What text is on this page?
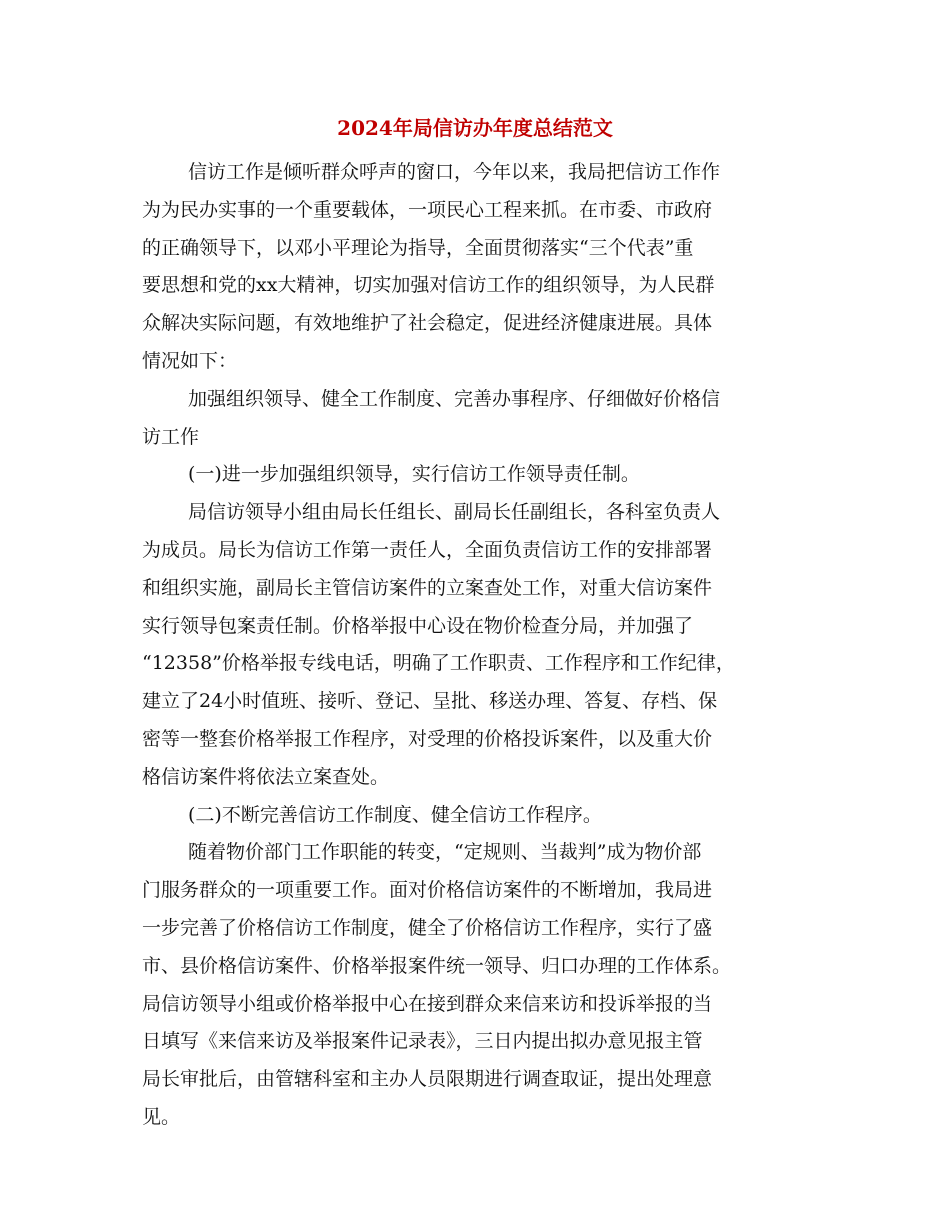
2024年局信访办年度总结范文

信访工作是倾听群众呼声的窗口，今年以来，我局把信访工作作

为为民办实事的一个重要载体，一项民心工程来抓。在市委、市政府

的正确领导下，以邓小平理论为指导，全面贯彻落实“三个代表”重

要思想和党的xx大精神，切实加强对信访工作的组织领导，为人民群

众解决实际问题，有效地维护了社会稳定，促进经济健康进展。具体

情况如下：

加强组织领导、健全工作制度、完善办事程序、仔细做好价格信

访工作

(一)进一步加强组织领导，实行信访工作领导责任制。

局信访领导小组由局长任组长、副局长任副组长，各科室负责人

为成员。局长为信访工作第一责任人，全面负责信访工作的安排部署

和组织实施，副局长主管信访案件的立案查处工作，对重大信访案件

实行领导包案责任制。价格举报中心设在物价检查分局，并加强了

“12358”价格举报专线电话，明确了工作职责、工作程序和工作纪律，

建立了24小时值班、接听、登记、呈批、移送办理、答复、存档、保

密等一整套价格举报工作程序，对受理的价格投诉案件，以及重大价

格信访案件将依法立案查处。

(二)不断完善信访工作制度、健全信访工作程序。

随着物价部门工作职能的转变，“定规则、当裁判”成为物价部

门服务群众的一项重要工作。面对价格信访案件的不断增加，我局进

一步完善了价格信访工作制度，健全了价格信访工作程序，实行了盛

市、县价格信访案件、价格举报案件统一领导、归口办理的工作体系。

局信访领导小组或价格举报中心在接到群众来信来访和投诉举报的当

日填写《来信来访及举报案件记录表》，三日内提出拟办意见报主管

局长审批后，由管辖科室和主办人员限期进行调查取证，提出处理意

见。
